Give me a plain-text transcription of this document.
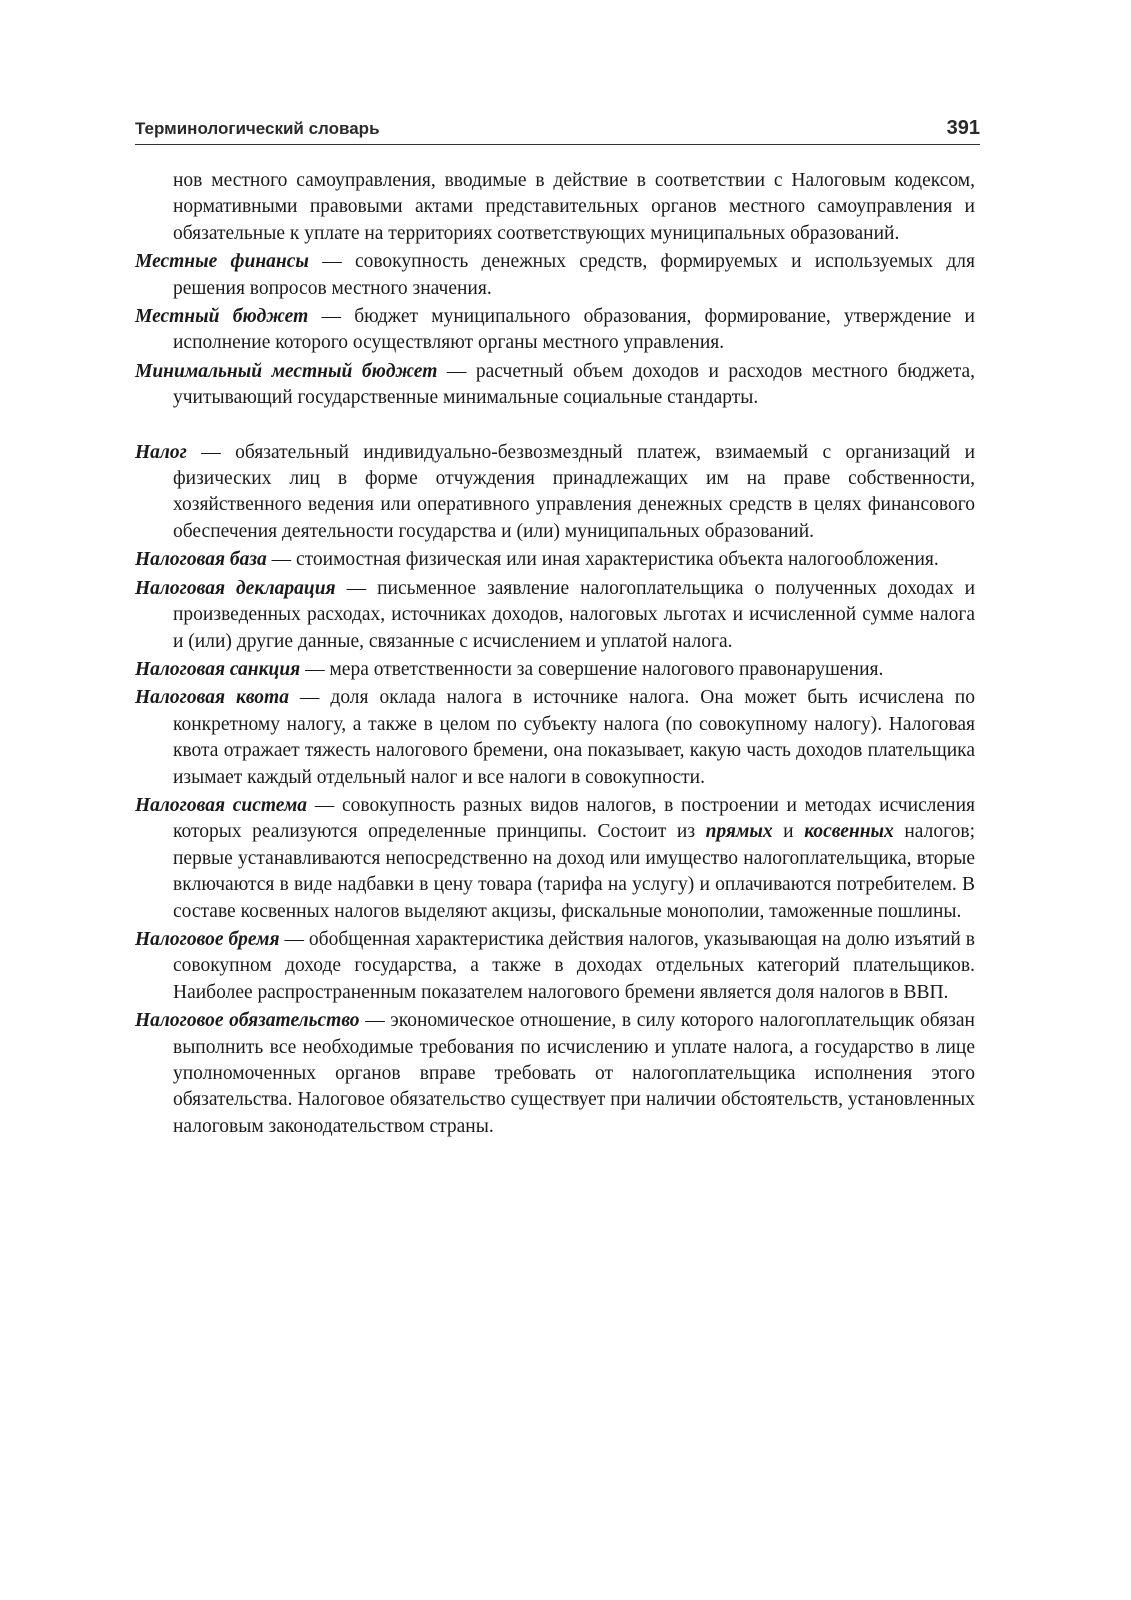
Терминологический словарь	391

нов местного самоуправления, вводимые в действие в соответствии с Налоговым кодексом, нормативными правовыми актами представительных органов местного самоуправления и обязательные к уплате на территориях соответствующих муниципальных образований.

Местные финансы — совокупность денежных средств, формируемых и используемых для решения вопросов местного значения.

Местный бюджет — бюджет муниципального образования, формирование, утверждение и исполнение которого осуществляют органы местного управления.

Минимальный местный бюджет — расчетный объем доходов и расходов местного бюджета, учитывающий государственные минимальные социальные стандарты.

Налог — обязательный индивидуально-безвозмездный платеж, взимаемый с организаций и физических лиц в форме отчуждения принадлежащих им на праве собственности, хозяйственного ведения или оперативного управления денежных средств в целях финансового обеспечения деятельности государства и (или) муниципальных образований.

Налоговая база — стоимостная физическая или иная характеристика объекта налогообложения.

Налоговая декларация — письменное заявление налогоплательщика о полученных доходах и произведенных расходах, источниках доходов, налоговых льготах и исчисленной сумме налога и (или) другие данные, связанные с исчислением и уплатой налога.

Налоговая санкция — мера ответственности за совершение налогового правонарушения.

Налоговая квота — доля оклада налога в источнике налога. Она может быть исчислена по конкретному налогу, а также в целом по субъекту налога (по совокупному налогу). Налоговая квота отражает тяжесть налогового бремени, она показывает, какую часть доходов плательщика изымает каждый отдельный налог и все налоги в совокупности.

Налоговая система — совокупность разных видов налогов, в построении и методах исчисления которых реализуются определенные принципы. Состоит из прямых и косвенных налогов; первые устанавливаются непосредственно на доход или имущество налогоплательщика, вторые включаются в виде надбавки в цену товара (тарифа на услугу) и оплачиваются потребителем. В составе косвенных налогов выделяют акцизы, фискальные монополии, таможенные пошлины.

Налоговое бремя — обобщенная характеристика действия налогов, указывающая на долю изъятий в совокупном доходе государства, а также в доходах отдельных категорий плательщиков. Наиболее распространенным показателем налогового бремени является доля налогов в ВВП.

Налоговое обязательство — экономическое отношение, в силу которого налогоплательщик обязан выполнить все необходимые требования по исчислению и уплате налога, а государство в лице уполномоченных органов вправе требовать от налогоплательщика исполнения этого обязательства. Налоговое обязательство существует при наличии обстоятельств, установленных налоговым законодательством страны.
